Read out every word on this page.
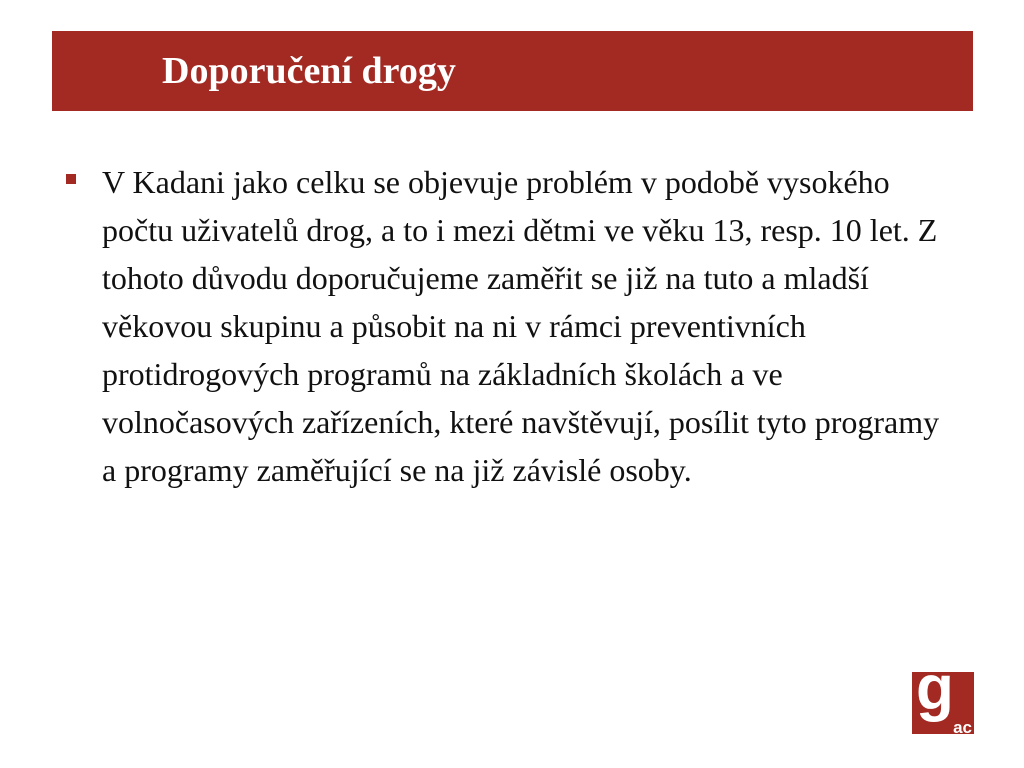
Doporučení drogy

V Kadani jako celku se objevuje problém v podobě vysokého počtu uživatelů drog, a to i mezi dětmi ve věku 13, resp. 10 let. Z tohoto důvodu doporučujeme zaměřit se již na tuto a mladší věkovou skupinu a působit na ni v rámci preventivních protidrogových programů na základních školách a ve volnočasových zařízeních, které navštěvují, posílit tyto programy a programy zaměřující se na již závislé osoby.

g
ac
